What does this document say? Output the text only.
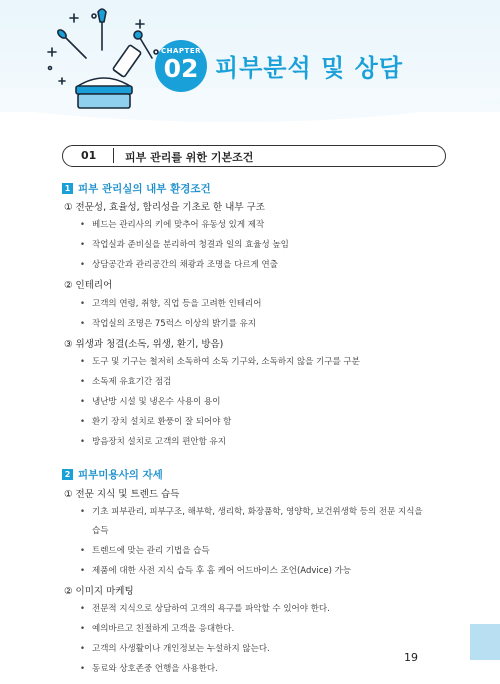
CHAPTER
02 피부분석 및 상담
01	피부 관리를 위한 기본조건
1 피부 관리실의 내부 환경조건
① 전문성, 효율성, 합리성을 기초로 한 내부 구조
• 베드는 관리사의 키에 맞추어 유동성 있게 제작
• 작업실과 준비실을 분리하여 청결과 일의 효율성 높임
• 상담공간과 관리공간의 채광과 조명을 다르게 연출
② 인테리어
• 고객의 연령, 취향, 직업 등을 고려한 인테리어
• 작업실의 조명은 75럭스 이상의 밝기를 유지
③ 위생과 청결(소독, 위생, 환기, 방음)
• 도구 및 기구는 철저히 소독하여 소독 기구와, 소독하지 않을 기구를 구분
• 소독제 유효기간 점검
• 냉난방 시설 및 냉온수 사용이 용이
• 환기 장치 설치로 환풍이 잘 되어야 함
• 방음장치 설치로 고객의 편안함 유지
2 피부미용사의 자세
① 전문 지식 및 트렌드 습득
• 기초 피부관리, 피부구조, 해부학, 생리학, 화장품학, 영양학, 보건위생학 등의 전문 지식을
습득
• 트렌드에 맞는 관리 기법을 습득
• 제품에 대한 사전 지식 습득 후 홈 케어 어드바이스 조언(Advice) 가능
② 이미지 마케팅
• 전문적 지식으로 상담하여 고객의 욕구를 파악할 수 있어야 한다.
• 예의바르고 친절하게 고객을 응대한다.
• 고객의 사생활이나 개인정보는 누설하지 않는다.
• 동료와 상호존중 언행을 사용한다.
19
